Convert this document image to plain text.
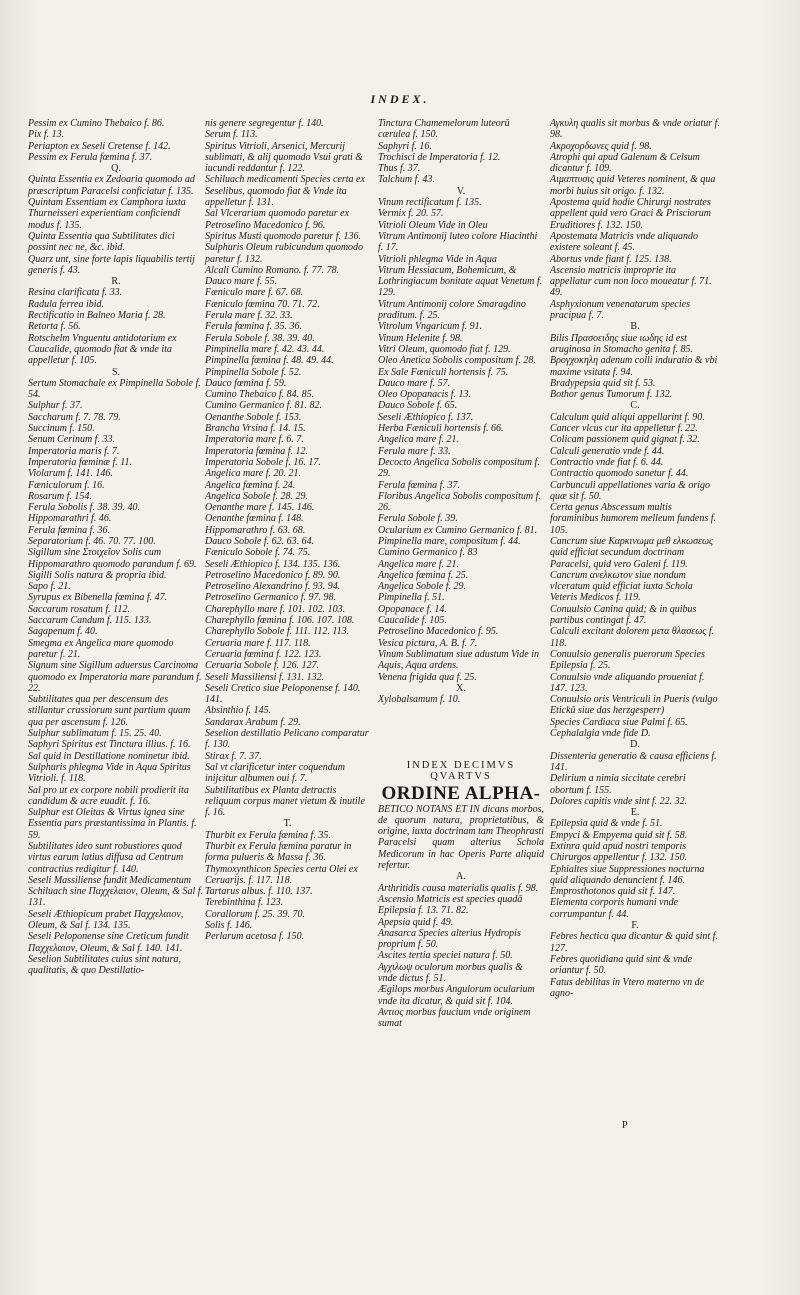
INDEX.
Pessim ex Cumino Thebaico f. 86.
Pix f. 13.
Periapton ex Seseli Cretense f. 142.
Pessim ex Ferula fœmina f. 37.
Q.
Quinta Essentia ex Zedoaria quomodo ad præscriptum Paracelsi conficiatur f. 135.
Quintam Essentiam ex Camphora iuxta Thurneisseri experientiam conficiendi modus f. 135.
Quinta Essentia qua Subtilitates dici possint nec ne, &c. ibid.
Quarz unt, sine forte lapis liquabilis tertij generis f. 43.
R.
Resina clarificata f. 33.
Radula ferrea ibid.
Rectificatio in Balneo Maria f. 28.
Retorta f. 56.
Rotschelm Vnguentu antidotarium ex Caucalide, quomodo fiat & vnde ita appelletur f. 105.
S.
Sertum Stomachale ex Pimpinella Sobole f. 54.
Sulphur f. 37.
Saccharum f. 7. 78. 79.
Succinum f. 150.
Senum Cerinum f. 33.
Imperatoria maris f. 7.
Imperatoria fœminæ f. 11.
Violarum f. 141. 146.
Fæniculorum f. 16.
Rosarum f. 154.
Ferula Sobolis f. 38. 39. 40.
Hippomarathri f. 46.
Ferula fœmina f. 36.
Separatorium f. 46. 70. 77. 100.
Sigillum sine Στοιχεῖον Solis cum Hippomarathro quomodo parandum f. 69.
Sigilli Solis natura & propria ibid.
Sapo f. 21.
Syrupus ex Bibenella fœmina f. 47.
Saccarum rosatum f. 112.
Saccarum Candum f. 115. 133.
Sagapenum f. 40.
Smegma ex Angelica mare quomodo paretur f. 21.
Signum sine Sigillum aduersus Carcinoma quomodo ex Imperatoria mare parandum f. 22.
Subtilitates qua per descensum des stillantur crassiorum sunt partium quam qua per ascensum f. 126.
Sulphur sublimatum f. 15. 25. 40.
Saphyri Spiritus est Tinctura illius. f. 16.
Sal quid in Destillatione nominetur ibid.
Sulphuris phlegma Vide in Aqua Spiritus Vitrioli. f. 118.
Sal pro ut ex corpore nobili prodierit ita candidum & acre euadit. f. 16.
Sulphur est Oleitas & Virtus ignea sine Essentia pars præstantissima in Plantis. f. 59.
Subtilitates ideo sunt robustiores quod virtus earum latius diffusa ad Centrum contractius redigitur f. 140.
Seseli Massiliense fundit Medicamentum Schiluach sine Παχχελαιον, Oleum, & Sal f. 131.
Seseli Æthiopicum prabet Παχχελαιον, Oleum, & Sal f. 134. 135.
Seseli Peloponense sine Creticum fundit Παχχελαιον, Oleum, & Sal f. 140. 141.
Seselion Subtilitates cuius sint natura, qualitatis, & quo Destillatio-
nis genere segregentur f. 140.
Serum f. 113.
Spiritus Vitrioli, Arsenici, Mercurij sublimati, & alij quomodo Vsui grati & iucundi reddantur f. 122.
Schiluach medicamenti Species certa ex Seselibus, quomodo fiat & Vnde ita appelletur f. 131.
Sal Vlcerarium quomodo paretur ex Petroselino Macedonico f. 96.
Spiritus Musti quomodo paretur f. 136.
Sulphuris Oleum rubicundum quomodo paretur f. 132.
Alcali Cumino Romano. f. 77. 78.
Dauco mare f. 55.
Fæniculo mare f. 67. 68.
Fæniculo fœmina 70. 71. 72.
Ferula mare f. 32. 33.
Ferula fœmina f. 35. 36.
Ferula Sobole f. 38. 39. 40.
Pimpinella mare f. 42. 43. 44.
Pimpinella fœmina f. 48. 49. 44.
Pimpinella Sobole f. 52.
Dauco fœmina f. 59.
Cumino Thebaico f. 84. 85.
Cumino Germanico f. 81. 82.
Oenanthe Sobole f. 153.
Brancha Vrsina f. 14. 15.
Imperatoria mare f. 6. 7.
Imperatoria fœmina f. 12.
Imperatoria Sobole f. 16. 17.
Angelica mare f. 20. 21.
Angelica fœmina f. 24.
Angelica Sobole f. 28. 29.
Oenanthe mare f. 145. 146.
Oenanthe fœmina f. 148.
Hippomarathro f. 63. 68.
Dauco Sobole f. 62. 63. 64.
Fæniculo Sobole f. 74. 75.
Seseli Æthiopico f. 134. 135. 136.
Petroselino Macedonico f. 89. 90.
Petroselino Alexandrino f. 93. 94.
Petroselino Germanico f. 97. 98.
Charephyllo mare f. 101. 102. 103.
Charephyllo fœmina f. 106. 107. 108.
Charephyllo Sobole f. 111. 112. 113.
Ceruaria mare f. 117. 118.
Ceruaria fœmina f. 122. 123.
Ceruaria Sobole f. 126. 127.
Seseli Massiliensi f. 131. 132.
Seseli Cretico siue Peloponense f. 140. 141.
Absinthio f. 145.
Sandarax Arabum f. 29.
Seselion destillatio Pelicano comparatur f. 130.
Stirax f. 7. 37.
Sal vt clarificetur inter coquendum inijcitur albumen oui f. 7.
Subtilitatibus ex Planta detractis reliquum corpus manet vietum & inutile f. 16.
T.
Thurbit ex Ferula fœmina f. 35.
Thurbit ex Ferula fœmina paratur in forma pulueris & Massa f. 36.
Thymoxynthicon Species certa Olei ex Ceruarijs. f. 117. 118.
Tartarus albus. f. 110. 137.
Terebinthina f. 123.
Corallorum f. 25. 39. 70.
Solis f. 146.
Perlarum acetosa f. 150.
Tinctura Chamemelorum luteorū cærulea f. 150.
Saphyri f. 16.
Trochisci de Imperatoria f. 12.
Thus f. 37.
Talchum f. 43.
V.
Vinum rectificatum f. 135.
Vermix f. 20. 57.
Vitrioli Oleum Vide in Oleu
Vitrum Antimonij luteo colore Hiacinthi f. 17.
Vitrioli phlegma Vide in Aqua
Vitrum Hessiacum, Bohemicum, & Lothringiacum bonitate aquat Venetum f. 129.
Vitrum Antimonij colore Smaragdino praditum. f. 25.
Vitrolum Vngaricum f. 91.
Vinum Helenite f. 98.
Vitri Oleum, quomodo fiat f. 129.
Oleo Anetica Sobolis compositum f. 28.
Ex Sale Fæniculi hortensis f. 75.
Dauco mare f. 57.
Oleo Opopanacis f. 13.
Dauco Sobole f. 65.
Seseli Æthiopico f. 137.
Herba Fæniculi hortensis f. 66.
Angelica mare f. 21.
Ferula mare f. 33.
Decocto Angelica Sobolis compositum f. 29.
Ferula fœmina f. 37.
Floribus Angelica Sobolis compositum f. 26.
Ferula Sobole f. 39.
Ocularium ex Cumino Germanico f. 81.
Pimpinella mare, compositum f. 44.
Cumino Germanico f. 83
Angelica mare f. 21.
Angelica fœmina f. 25.
Angelica Sobole f. 29.
Pimpinella f. 51.
Opopanace f. 14.
Caucalide f. 105.
Petroselino Macedonico f. 95.
Vesica pictura, A. B. f. 7.
Vinum Sublimatum siue adustum Vide in Aquis, Aqua ardens.
Venena frigida qua f. 25.
X.
Xylobalsamum f. 10.
INDEX DECIMVS
QVARTVS
ORDINE ALPHA-
BETICO NOTANS ET IN dicans morbos, de quorum natura, proprietatibus, & origine, iuxta doctrinam tam Theophrasti Paracelsi quam alterius Schola Medicorum in hac Operis Parte aliquid refertur.
A.
Arthritidis causa materialis qualis f. 98.
Ascensio Matricis est species quadā Epilepsia f. 13. 71. 82.
Apepsia quid f. 49.
Anasarca Species alterius Hydropis proprium f. 50.
Ascites tertia speciei natura f. 50.
Αγχιλωψ oculorum morbus qualis & vnde dictus f. 51.
Ægilops morbus Angulorum ocularium vnde ita dicatur, & quid sit f. 104.
Αντιος morbus faucium vnde originem sumat
Αγκυλη qualis sit morbus & vnde oriatur f. 98.
Ακροχορδωνες quid f. 98.
Atrophi qui apud Galenum & Celsum dicantur f. 109.
Αιμαπτυσις quid Veteres nominent, & qua morbi huius sit origo. f. 132.
Apostema quid hodie Chirurgi nostrates appellent quid vero Graci & Prisciorum Eruditiores f. 132. 150.
Apostemata Matricis vnde aliquando existere soleant f. 45.
Abortus vnde fiant f. 125. 138.
Ascensio matricis improprie ita appellatur cum non loco moueatur f. 71. 49.
Asphyxionum venenatarum species pracipua f. 7.
B.
Bilis Πρασοειδης siue ιωδης id est aruginosa in Stomacho genita f. 85.
Βρογχοκηλη adenum colli induratio & vbi maxime vsitata f. 94.
Bradypepsia quid sit f. 53.
Bothor genus Tumorum f. 132.
C.
Calculum quid aliqui appellarint f. 90.
Cancer vlcus cur ita appelletur f. 22.
Colicam passionem quid gignat f. 32.
Calculi generatio vnde f. 44.
Contractio vnde fiat f. 6. 44.
Contractio quomodo sanetur f. 44.
Carbunculi appellationes varia & origo quæ sit f. 50.
Certa genus Abscessum multis foraminibus humorem melleum fundens f. 105.
Cancrum siue Καρκινωμα μεθ ελκωσεως quid efficiat secundum doctrinam Paracelsi, quid vero Galeni f. 119.
Cancrum ανελκωτον siue nondum vlceratum quid efficiat iuxta Schola Veteris Medicos f. 119.
Conuulsio Canina quid; & in quibus partibus contingat f. 47.
Calculi excitant dolorem μετα θλασεως f. 118.
Conuulsio generalis puerorum Species Epilepsia f. 25.
Conuulsio vnde aliquando proueniat f. 147. 123.
Conuulsio oris Ventriculi in Pueris (vulgo Etickū siue das herzgesperr)
Species Cardiaca siue Palmi f. 65.
Cephalalgia vnde fide D.
D.
Dissenteria generatio & causa efficiens f. 141.
Delirium a nimia siccitate cerebri obortum f. 155.
Dolores capitis vnde sint f. 22. 32.
E.
Epilepsia quid & vnde f. 51.
Empyci & Empyema quid sit f. 58.
Extinra quid apud nostri temporis Chirurgos appellentur f. 132. 150.
Ephialtes siue Suppressiones nocturna quid aliquando denuncient f. 146.
Emprosthotonos quid sit f. 147.
Elementa corporis humani vnde corrumpantur f. 44.
F.
Febres hectica qua dicantur & quid sint f. 127.
Febres quotidiana quid sint & vnde oriantur f. 50.
Fatus debilitas in Vtero materno vn de agno-
P
